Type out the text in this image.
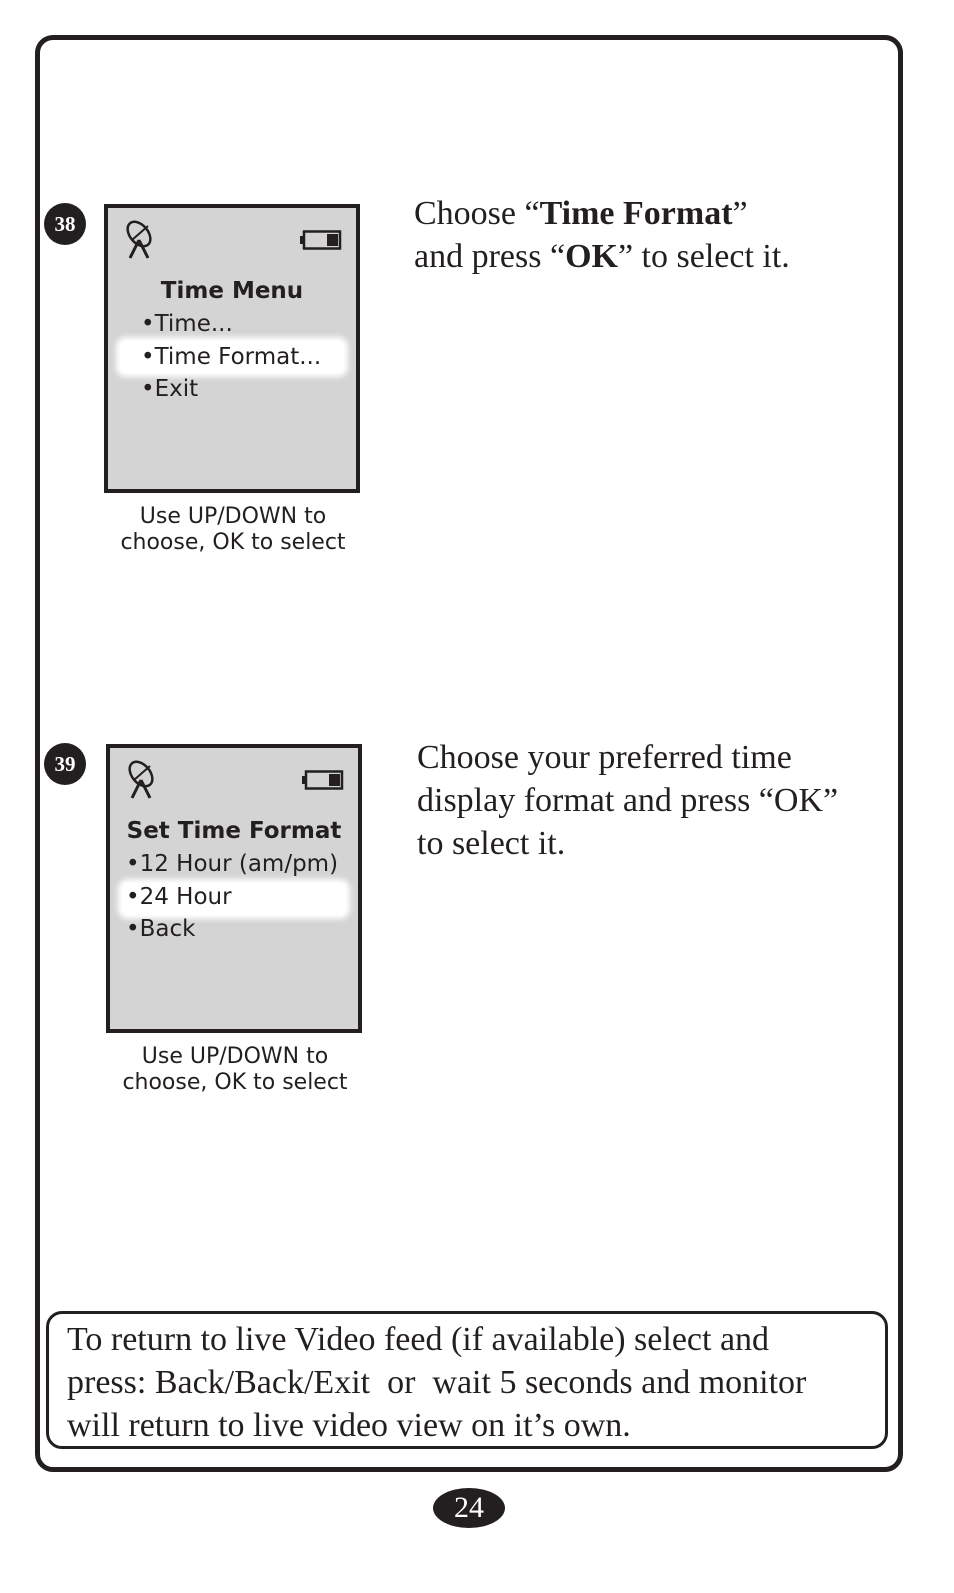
38
Time Menu
•Time...
•Time Format...
•Exit
Use UP/DOWN to
choose, OK to select
Choose “Time Format”
and press “OK” to select it.
39
Set Time Format
•12 Hour (am/pm)
•24 Hour
•Back
Use UP/DOWN to
choose, OK to select
Choose your preferred time
display format and press “OK”
to select it.
To return to live Video feed (if available) select and
press: Back/Back/Exit  or  wait 5 seconds and monitor
will return to live video view on it’s own.
24
